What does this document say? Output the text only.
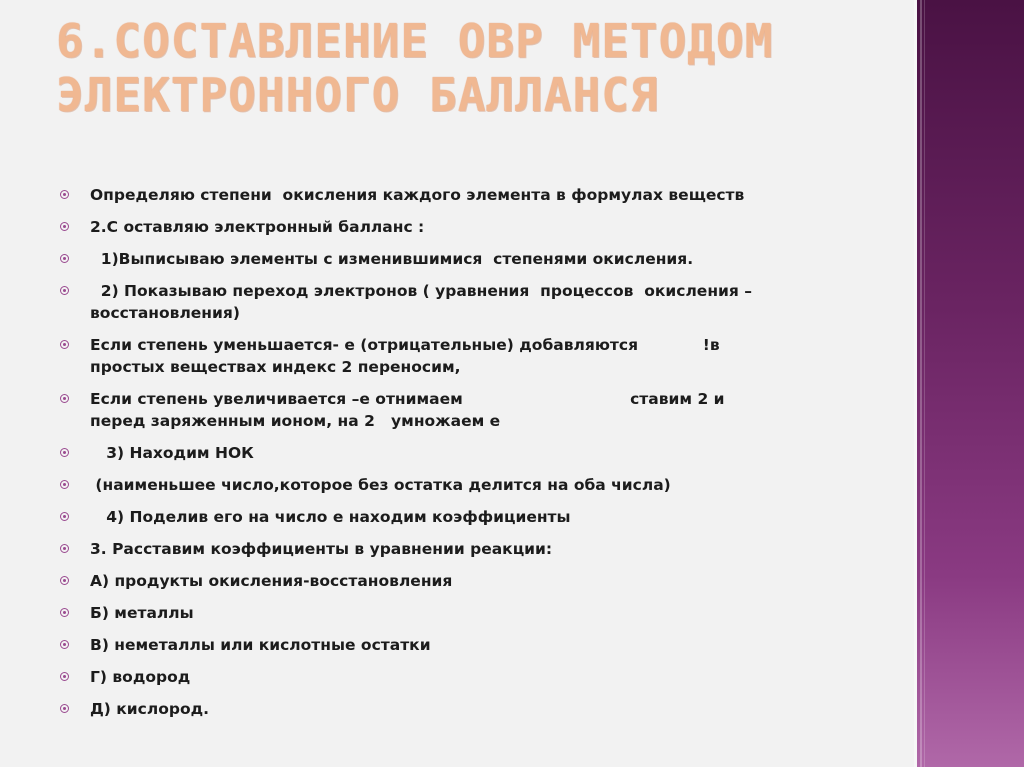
6.СОСТАВЛЕНИЕ ОВР МЕТОДОМ
ЭЛЕКТРОННОГО БАЛЛАНСЯ
Определяю степени  окисления каждого элемента в формулах веществ
2.С оставляю электронный балланс :
1)Выписываю элементы с изменившимися  степенями окисления.
2) Показываю переход электронов ( уравнения  процессов  окисления –
восстановления)
Если степень уменьшается- е (отрицательные) добавляются            !в
простых веществах индекс 2 переносим,
Если степень увеличивается –е отнимаем                               ставим 2 и
перед заряженным ионом, на 2   умножаем е
3) Находим НОК
(наименьшее число,которое без остатка делится на оба числа)
4) Поделив его на число е находим коэффициенты
3. Расставим коэффициенты в уравнении реакции:
А) продукты окисления-восстановления
Б) металлы
В) неметаллы или кислотные остатки
Г) водород
Д) кислород.
